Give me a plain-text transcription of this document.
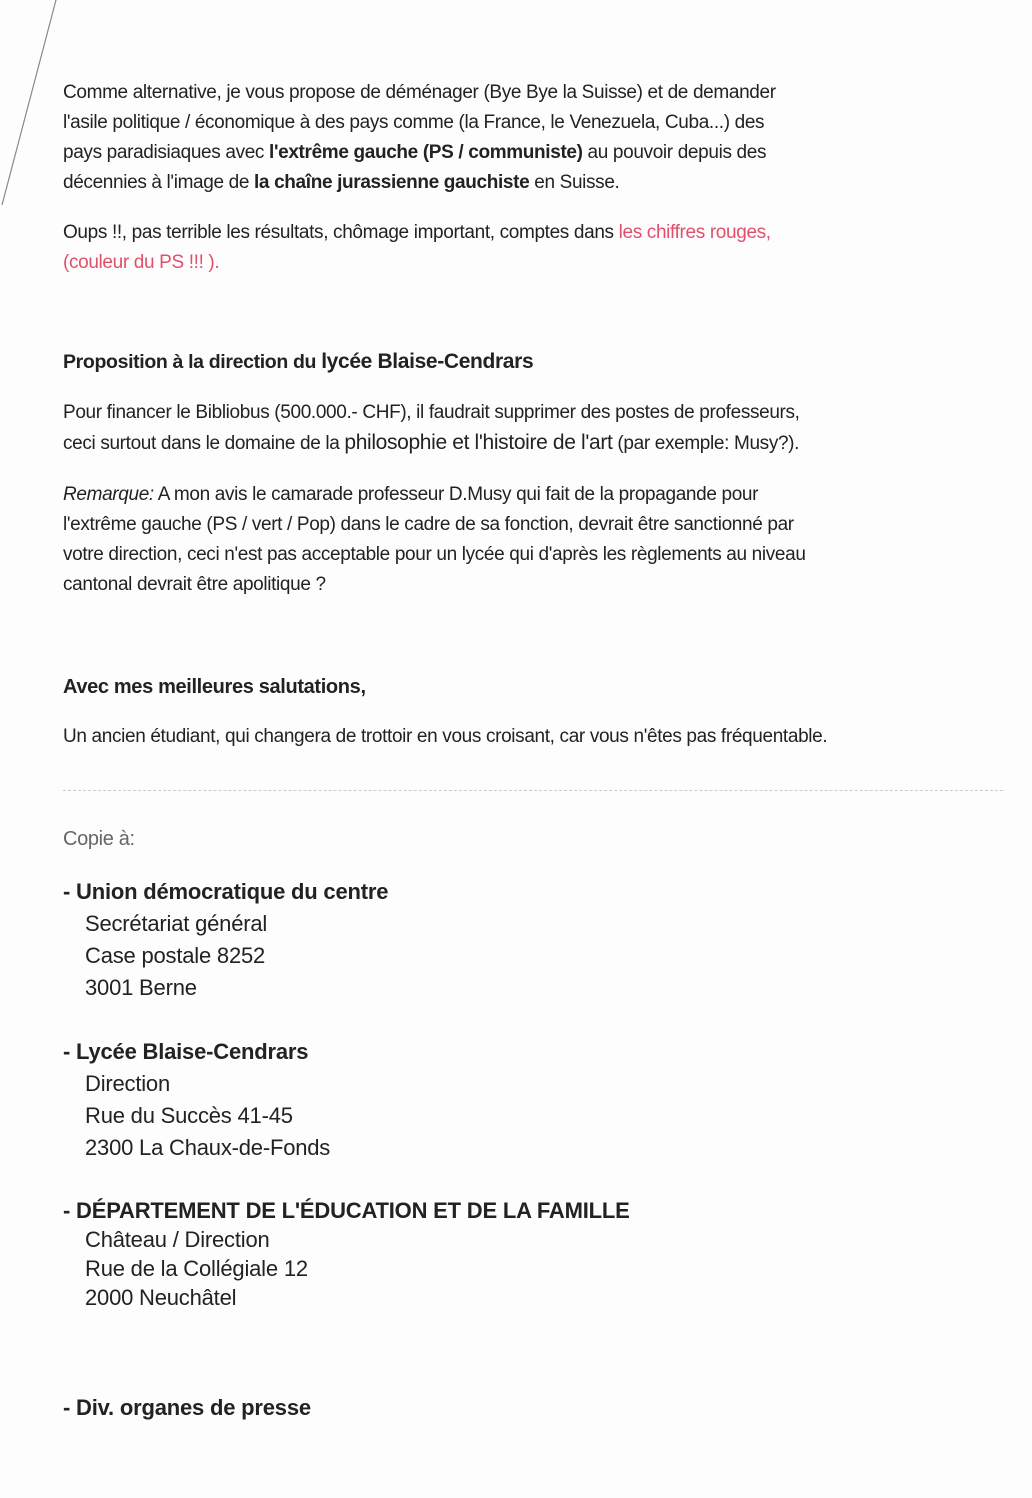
Comme alternative, je vous propose de déménager (Bye Bye la Suisse) et de demander
l'asile politique / économique à des pays comme (la France, le Venezuela, Cuba...) des
pays paradisiaques avec l'extrême gauche (PS / communiste) au pouvoir depuis des
décennies à l'image de la chaîne jurassienne gauchiste en Suisse.
Oups !!, pas terrible les résultats, chômage important, comptes dans les chiffres rouges,
(couleur du PS !!! ).
Proposition à la direction du lycée Blaise-Cendrars
Pour financer le Bibliobus (500.000.- CHF), il faudrait supprimer des postes de professeurs,
ceci surtout dans le domaine de la philosophie et l'histoire de l'art (par exemple: Musy?).
Remarque: A mon avis le camarade professeur D.Musy qui fait de la propagande pour
l'extrême gauche (PS / vert / Pop) dans le cadre de sa fonction, devrait être sanctionné par
votre direction, ceci n'est pas acceptable pour un lycée qui d'après les règlements au niveau
cantonal devrait être apolitique ?
Avec mes meilleures salutations,
Un ancien étudiant, qui changera de trottoir en vous croisant, car vous n'êtes pas fréquentable.
Copie à:
- Union démocratique du centre
Secrétariat général
Case postale 8252
3001 Berne
- Lycée Blaise-Cendrars
Direction
Rue du Succès 41-45
2300 La Chaux-de-Fonds
- DÉPARTEMENT DE L'ÉDUCATION ET DE LA FAMILLE
Château / Direction
Rue de la Collégiale 12
2000 Neuchâtel
- Div. organes de presse
